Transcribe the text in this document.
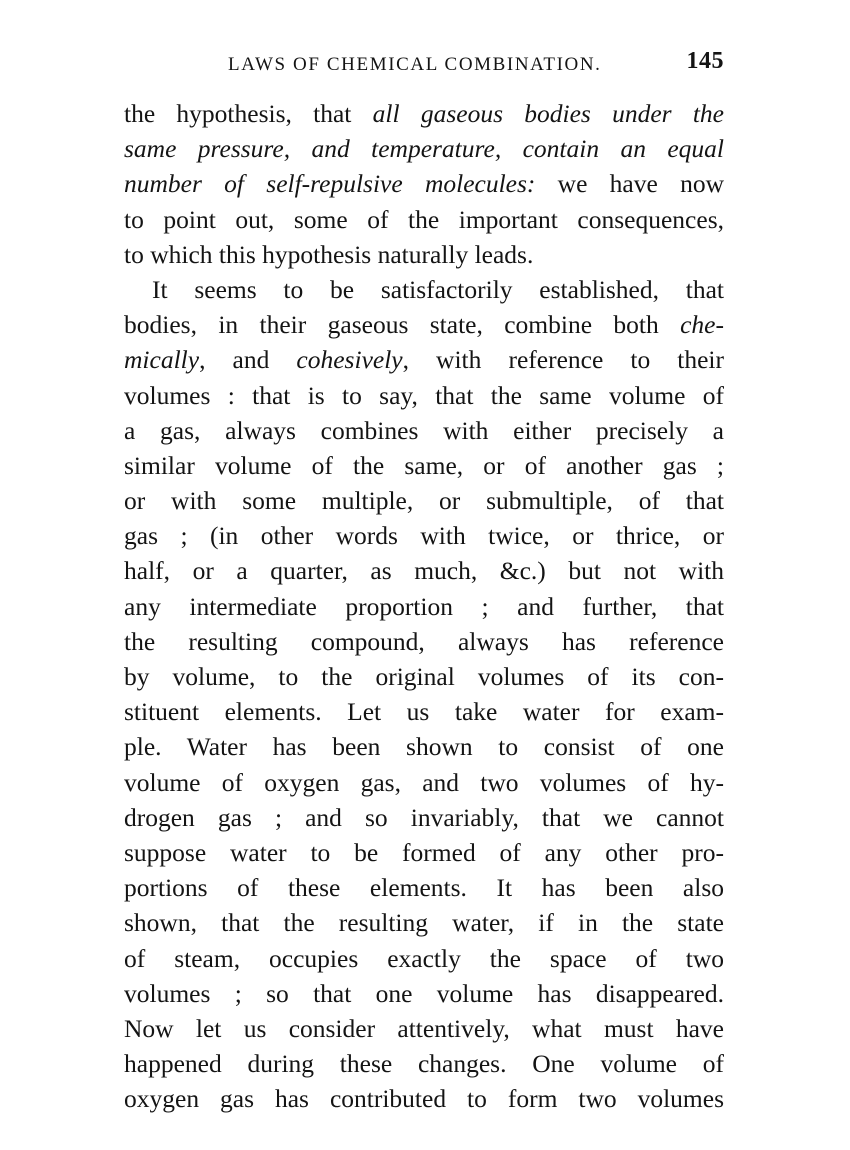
LAWS OF CHEMICAL COMBINATION.	145
the hypothesis, that all gaseous bodies under the
same pressure, and temperature, contain an equal
number of self-repulsive molecules: we have now
to point out, some of the important consequences,
to which this hypothesis naturally leads.
It seems to be satisfactorily established, that
bodies, in their gaseous state, combine both che-
mically, and cohesively, with reference to their
volumes : that is to say, that the same volume of
a gas, always combines with either precisely a
similar volume of the same, or of another gas ;
or with some multiple, or submultiple, of that
gas ; (in other words with twice, or thrice, or
half, or a quarter, as much, &c.) but not with
any intermediate proportion ; and further, that
the resulting compound, always has reference
by volume, to the original volumes of its con-
stituent elements. Let us take water for exam-
ple. Water has been shown to consist of one
volume of oxygen gas, and two volumes of hy-
drogen gas ; and so invariably, that we cannot
suppose water to be formed of any other pro-
portions of these elements. It has been also
shown, that the resulting water, if in the state
of steam, occupies exactly the space of two
volumes ; so that one volume has disappeared.
Now let us consider attentively, what must have
happened during these changes. One volume of
oxygen gas has contributed to form two volumes
